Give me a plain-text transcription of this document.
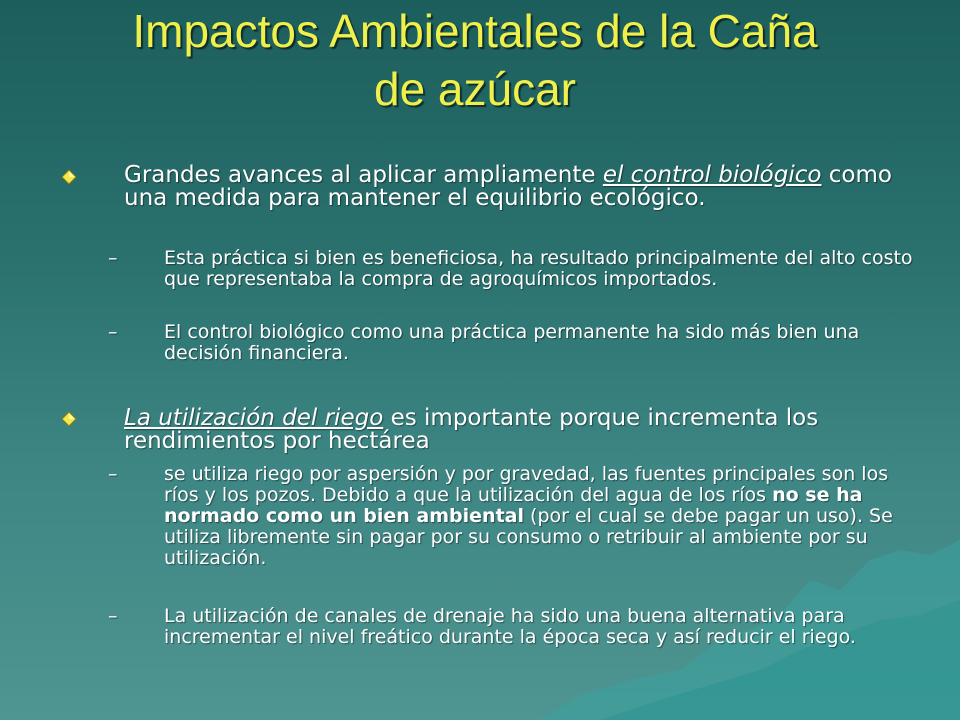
Impactos Ambientales de la Caña
de azúcar

Grandes avances al aplicar ampliamente el control biológico como una medida para mantener el equilibrio ecológico.

– Esta práctica si bien es beneficiosa, ha resultado principalmente del alto costo que representaba la compra de agroquímicos importados.

– El control biológico como una práctica permanente ha sido más bien una decisión financiera.

La utilización del riego es importante porque incrementa los rendimientos por hectárea

– se utiliza riego por aspersión y por gravedad, las fuentes principales son los ríos y los pozos. Debido a que la utilización del agua de los ríos no se ha normado como un bien ambiental (por el cual se debe pagar un uso). Se utiliza libremente sin pagar por su consumo o retribuir al ambiente por su utilización.

– La utilización de canales de drenaje ha sido una buena alternativa para incrementar el nivel freático durante la época seca y así reducir el riego.
